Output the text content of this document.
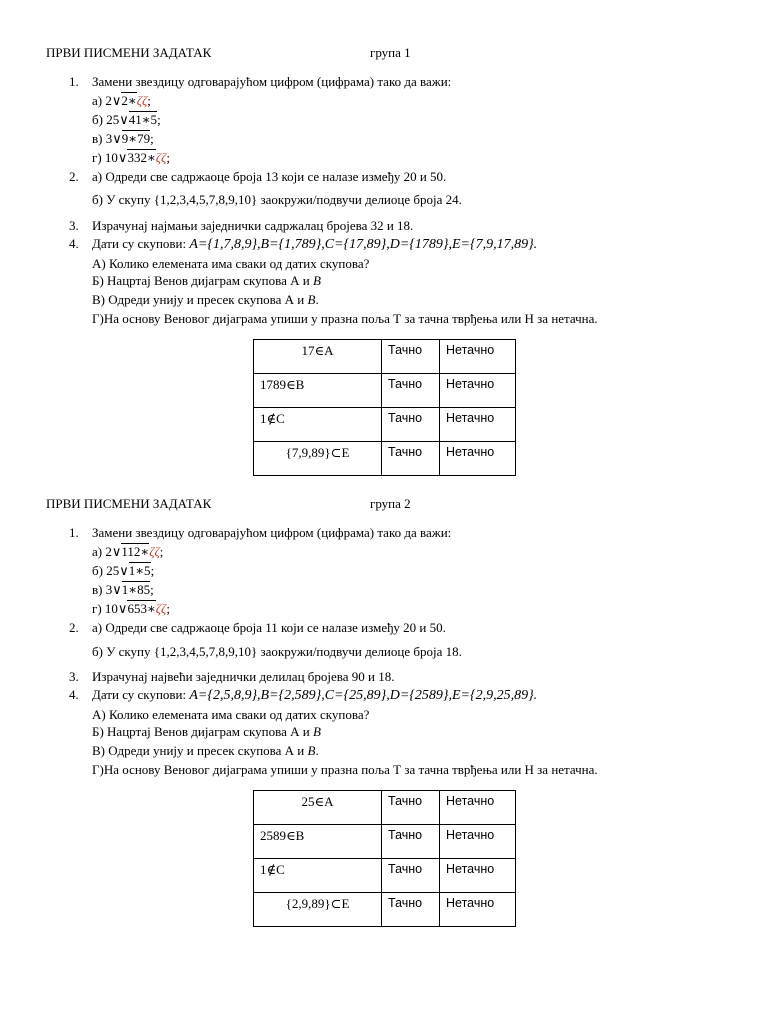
ПРВИ ПИСМЕНИ ЗАДАТАК	група 1
1. Замени звездицу одговарајућом цифром (цифрама) тако да важи:
а) 2∨2∗ζζ;
б) 25∨41∗5;
в) 3∨9∗79;
г) 10∨332∗ζζ;
2. а) Одреди све садржаоце броја 13 који се налазе између 20 и 50.
б) У скупу {1,2,3,4,5,7,8,9,10} заокружи/подвучи делиоце броја 24.
3. Израчунај најмањи заједнички садржалац бројева 32 и 18.
4. Дати су скупови: A={1,7,8,9},B={1,789},C={17,89},D={1789},E={7,9,17,89}.
А) Колико елемената има сваки од датих скупова?
Б) Нацртај Венов дијаграм скупова А и B
В) Одреди унију и пресек скупова А и B.
Г)На основу Веновог дијаграма упиши у празна поља Т за тачна тврђења или Н за нетачна.
17∈A	Тачно	Нетачно
1789∈B	Тачно	Нетачно
1∉C	Тачно	Нетачно
{7,9,89}⊂E	Тачно	Нетачно
ПРВИ ПИСМЕНИ ЗАДАТАК	група 2
1. Замени звездицу одговарајућом цифром (цифрама) тако да важи:
а) 2∨112∗ζζ;
б) 25∨1∗5;
в) 3∨1∗85;
г) 10∨653∗ζζ;
2. а) Одреди све садржаоце броја 11 који се налазе између 20 и 50.
б) У скупу {1,2,3,4,5,7,8,9,10} заокружи/подвучи делиоце броја 18.
3. Израчунај највећи заједнички делилац бројева 90 и 18.
4. Дати су скупови: A={2,5,8,9},B={2,589},C={25,89},D={2589},E={2,9,25,89}.
А) Колико елемената има сваки од датих скупова?
Б) Нацртај Венов дијаграм скупова А и B
В) Одреди унију и пресек скупова А и B.
Г)На основу Веновог дијаграма упиши у празна поља Т за тачна тврђења или Н за нетачна.
25∈A	Тачно	Нетачно
2589∈B	Тачно	Нетачно
1∉C	Тачно	Нетачно
{2,9,89}⊂E	Тачно	Нетачно
